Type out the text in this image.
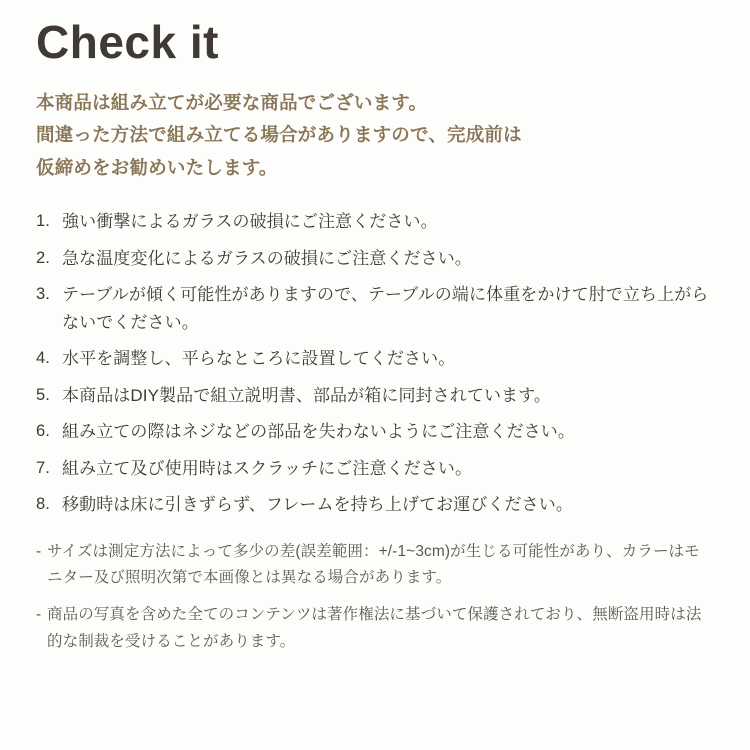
Check it
本商品は組み立てが必要な商品でございます。
間違った方法で組み立てる場合がありますので、完成前は
仮締めをお勧めいたします。
1. 強い衝撃によるガラスの破損にご注意ください。
2. 急な温度変化によるガラスの破損にご注意ください。
3. テーブルが傾く可能性がありますので、テーブルの端に体重をかけて肘で立ち上がらないでください。
4. 水平を調整し、平らなところに設置してください。
5. 本商品はDIY製品で組立説明書、部品が箱に同封されています。
6. 組み立ての際はネジなどの部品を失わないようにご注意ください。
7. 組み立て及び使用時はスクラッチにご注意ください。
8. 移動時は床に引きずらず、フレームを持ち上げてお運びください。
- サイズは測定方法によって多少の差(誤差範囲：+/-1~3cm)が生じる可能性があり、カラーはモニター及び照明次第で本画像とは異なる場合があります。
- 商品の写真を含めた全てのコンテンツは著作権法に基づいて保護されており、無断盗用時は法的な制裁を受けることがあります。
